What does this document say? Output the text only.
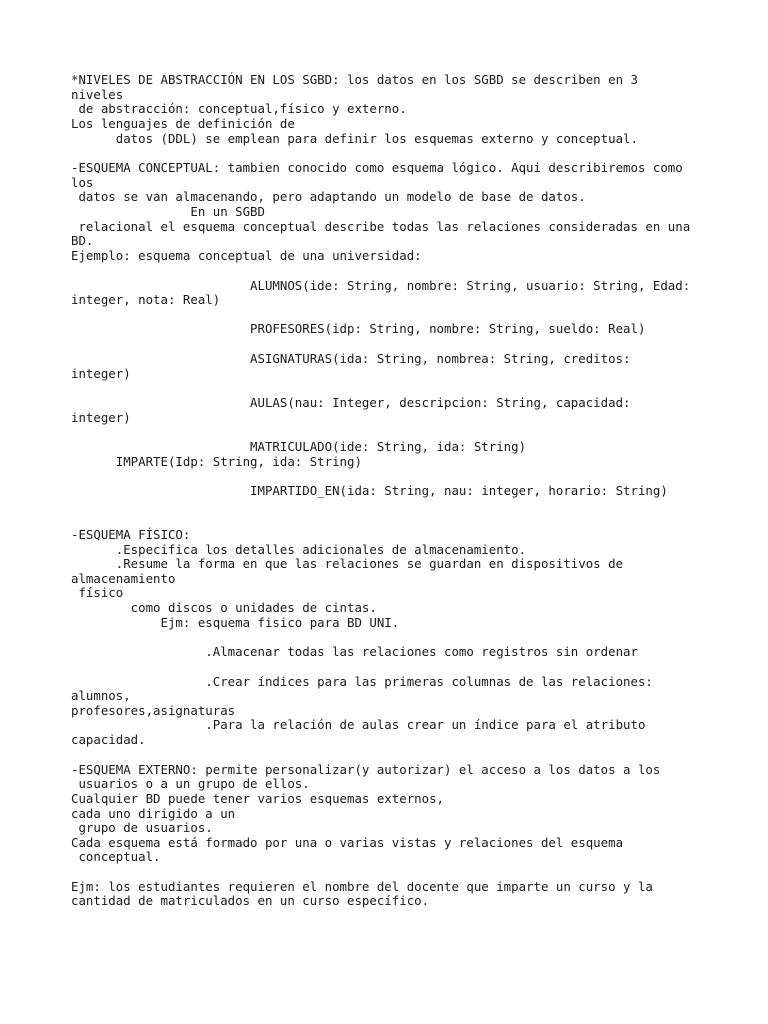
*NIVELES DE ABSTRACCIÓN EN LOS SGBD: los datos en los SGBD se describen en 3

niveles

de abstracción: conceptual,físico y externo.

Los lenguajes de definición de

datos (DDL) se emplean para definir los esquemas externo y conceptual.

-ESQUEMA CONCEPTUAL: tambien conocido como esquema lógico. Aqui describiremos como

los

datos se van almacenando, pero adaptando un modelo de base de datos.

En un SGBD

relacional el esquema conceptual describe todas las relaciones consideradas en una

BD.

Ejemplo: esquema conceptual de una universidad:

ALUMNOS(ide: String, nombre: String, usuario: String, Edad:

integer, nota: Real)

PROFESORES(idp: String, nombre: String, sueldo: Real)

ASIGNATURAS(ida: String, nombrea: String, creditos:

integer)

AULAS(nau: Integer, descripcion: String, capacidad:

integer)

MATRICULADO(ide: String, ida: String)

IMPARTE(Idp: String, ida: String)

IMPARTIDO_EN(ida: String, nau: integer, horario: String)

-ESQUEMA FÍSICO:

.Especifica los detalles adicionales de almacenamiento.

.Resume la forma en que las relaciones se guardan en dispositivos de

almacenamiento

físico

como discos o unidades de cintas.

Ejm: esquema fisico para BD UNI.

.Almacenar todas las relaciones como registros sin ordenar

.Crear índices para las primeras columnas de las relaciones:

alumnos,

profesores,asignaturas

.Para la relación de aulas crear un índice para el atributo

capacidad.

-ESQUEMA EXTERNO: permite personalizar(y autorizar) el acceso a los datos a los

usuarios o a un grupo de ellos.

Cualquier BD puede tener varios esquemas externos,

cada uno dirigido a un

grupo de usuarios.

Cada esquema está formado por una o varias vistas y relaciones del esquema

conceptual.

Ejm: los estudiantes requieren el nombre del docente que imparte un curso y la

cantidad de matriculados en un curso específico.
